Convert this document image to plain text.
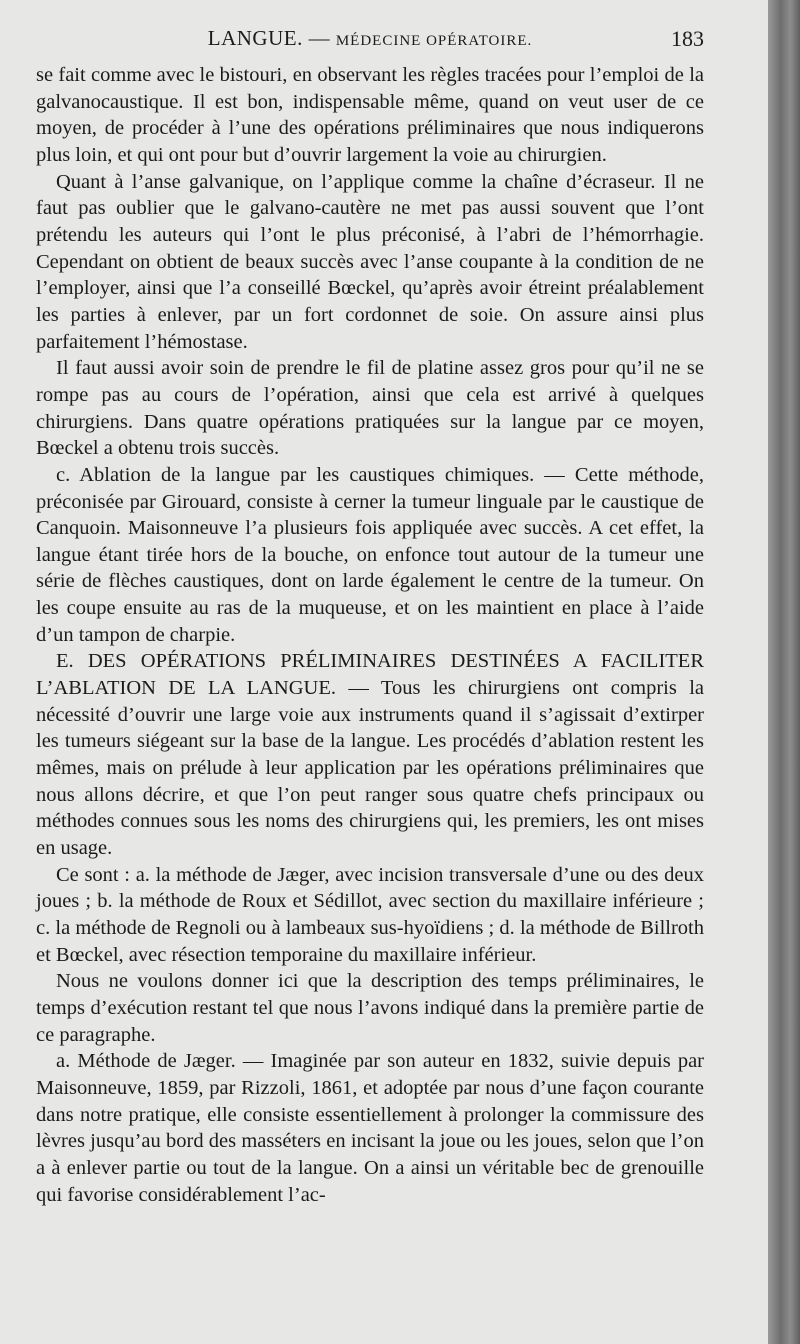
LANGUE. — MÉDECINE OPÉRATOIRE.	183

se fait comme avec le bistouri, en observant les règles tracées pour l’emploi de la galvanocaustique. Il est bon, indispensable même, quand on veut user de ce moyen, de procéder à l’une des opérations préliminaires que nous indiquerons plus loin, et qui ont pour but d’ouvrir largement la voie au chirurgien.

Quant à l’anse galvanique, on l’applique comme la chaîne d’écraseur. Il ne faut pas oublier que le galvano-cautère ne met pas aussi souvent que l’ont prétendu les auteurs qui l’ont le plus préconisé, à l’abri de l’hémorrhagie. Cependant on obtient de beaux succès avec l’anse coupante à la condition de ne l’employer, ainsi que l’a conseillé Bœckel, qu’après avoir étreint préalablement les parties à enlever, par un fort cordonnet de soie. On assure ainsi plus parfaitement l’hémostase.

Il faut aussi avoir soin de prendre le fil de platine assez gros pour qu’il ne se rompe pas au cours de l’opération, ainsi que cela est arrivé à quelques chirurgiens. Dans quatre opérations pratiquées sur la langue par ce moyen, Bœckel a obtenu trois succès.

c. Ablation de la langue par les caustiques chimiques. — Cette méthode, préconisée par Girouard, consiste à cerner la tumeur linguale par le caustique de Canquoin. Maisonneuve l’a plusieurs fois appliquée avec succès. A cet effet, la langue étant tirée hors de la bouche, on enfonce tout autour de la tumeur une série de flèches caustiques, dont on larde également le centre de la tumeur. On les coupe ensuite au ras de la muqueuse, et on les maintient en place à l’aide d’un tampon de charpie.

E. DES OPÉRATIONS PRÉLIMINAIRES DESTINÉES A FACILITER L’ABLATION DE LA LANGUE. — Tous les chirurgiens ont compris la nécessité d’ouvrir une large voie aux instruments quand il s’agissait d’extirper les tumeurs siégeant sur la base de la langue. Les procédés d’ablation restent les mêmes, mais on prélude à leur application par les opérations préliminaires que nous allons décrire, et que l’on peut ranger sous quatre chefs principaux ou méthodes connues sous les noms des chirurgiens qui, les premiers, les ont mises en usage.

Ce sont : a. la méthode de Jæger, avec incision transversale d’une ou des deux joues ; b. la méthode de Roux et Sédillot, avec section du maxillaire inférieure ; c. la méthode de Regnoli ou à lambeaux sus-hyoïdiens ; d. la méthode de Billroth et Bœckel, avec résection temporaine du maxillaire inférieur.

Nous ne voulons donner ici que la description des temps préliminaires, le temps d’exécution restant tel que nous l’avons indiqué dans la première partie de ce paragraphe.

a. Méthode de Jæger. — Imaginée par son auteur en 1832, suivie depuis par Maisonneuve, 1859, par Rizzoli, 1861, et adoptée par nous d’une façon courante dans notre pratique, elle consiste essentiellement à prolonger la commissure des lèvres jusqu’au bord des masséters en incisant la joue ou les joues, selon que l’on a à enlever partie ou tout de la langue. On a ainsi un véritable bec de grenouille qui favorise considérablement l’ac-
